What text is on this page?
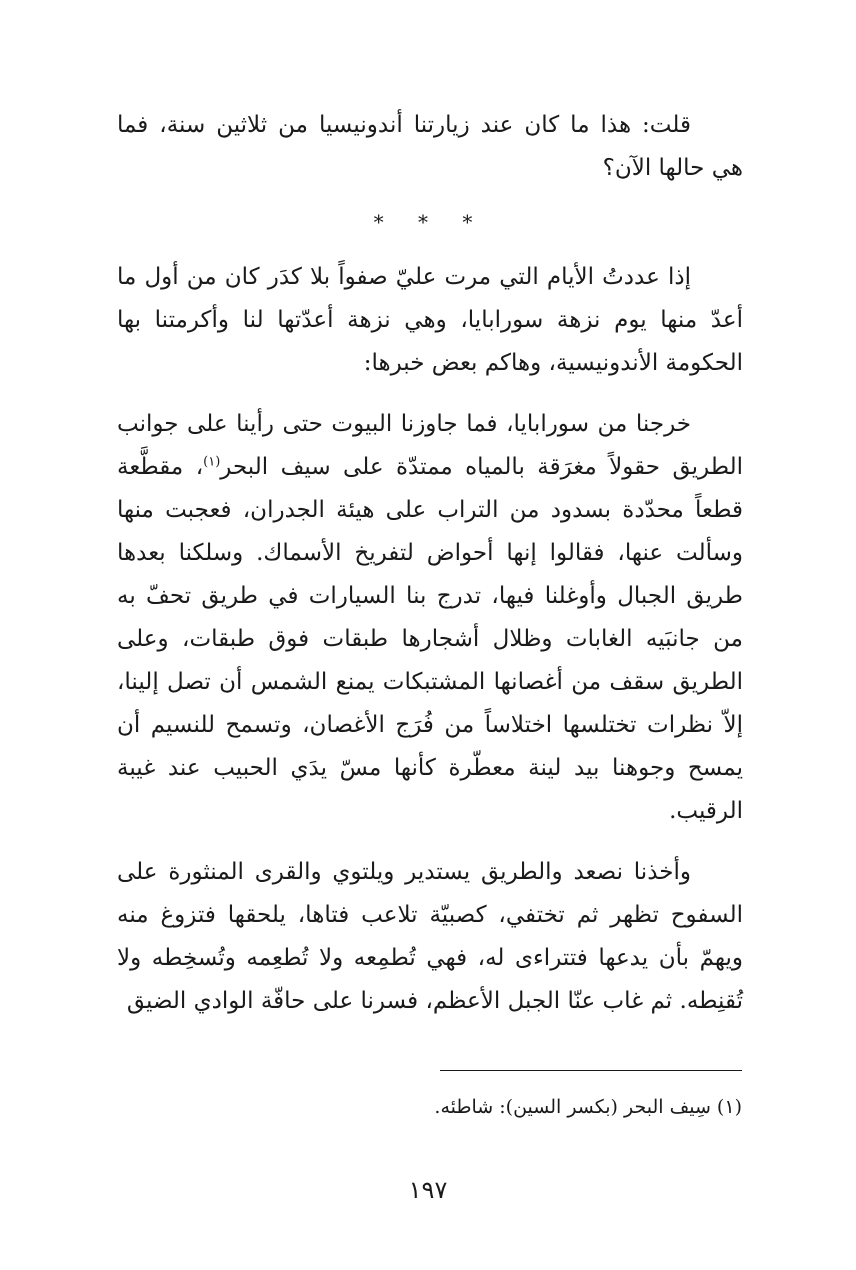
قلت: هذا ما كان عند زيارتنا أندونيسيا من ثلاثين سنة، فما هي حالها الآن؟

* * *

إذا عددتُ الأيام التي مرت عليّ صفواً بلا كدَر كان من أول ما أعدّ منها يوم نزهة سورابايا، وهي نزهة أعدّتها لنا وأكرمتنا بها الحكومة الأندونيسية، وهاكم بعض خبرها:

خرجنا من سورابايا، فما جاوزنا البيوت حتى رأينا على جوانب الطريق حقولاً مغرَقة بالمياه ممتدّة على سيف البحر$^{(١)}$، مقطَّعة قطعاً محدّدة بسدود من التراب على هيئة الجدران، فعجبت منها وسألت عنها، فقالوا إنها أحواض لتفريخ الأسماك. وسلكنا بعدها طريق الجبال وأوغلنا فيها، تدرج بنا السيارات في طريق تحفّ به من جانبَيه الغابات وظلال أشجارها طبقات فوق طبقات، وعلى الطريق سقف من أغصانها المشتبكات يمنع الشمس أن تصل إلينا، إلاّ نظرات تختلسها اختلاساً من فُرَج الأغصان، وتسمح للنسيم أن يمسح وجوهنا بيد لينة معطّرة كأنها مسّ يدَي الحبيب عند غيبة الرقيب.

وأخذنا نصعد والطريق يستدير ويلتوي والقرى المنثورة على السفوح تظهر ثم تختفي، كصبيّة تلاعب فتاها، يلحقها فتزوغ منه ويهمّ بأن يدعها فتتراءى له، فهي تُطمِعه ولا تُطعِمه وتُسخِطه ولا تُقنِطه. ثم غاب عنّا الجبل الأعظم، فسرنا على حافّة الوادي الضيق

(١) سِيف البحر (بكسر السين): شاطئه.

١٩٧
